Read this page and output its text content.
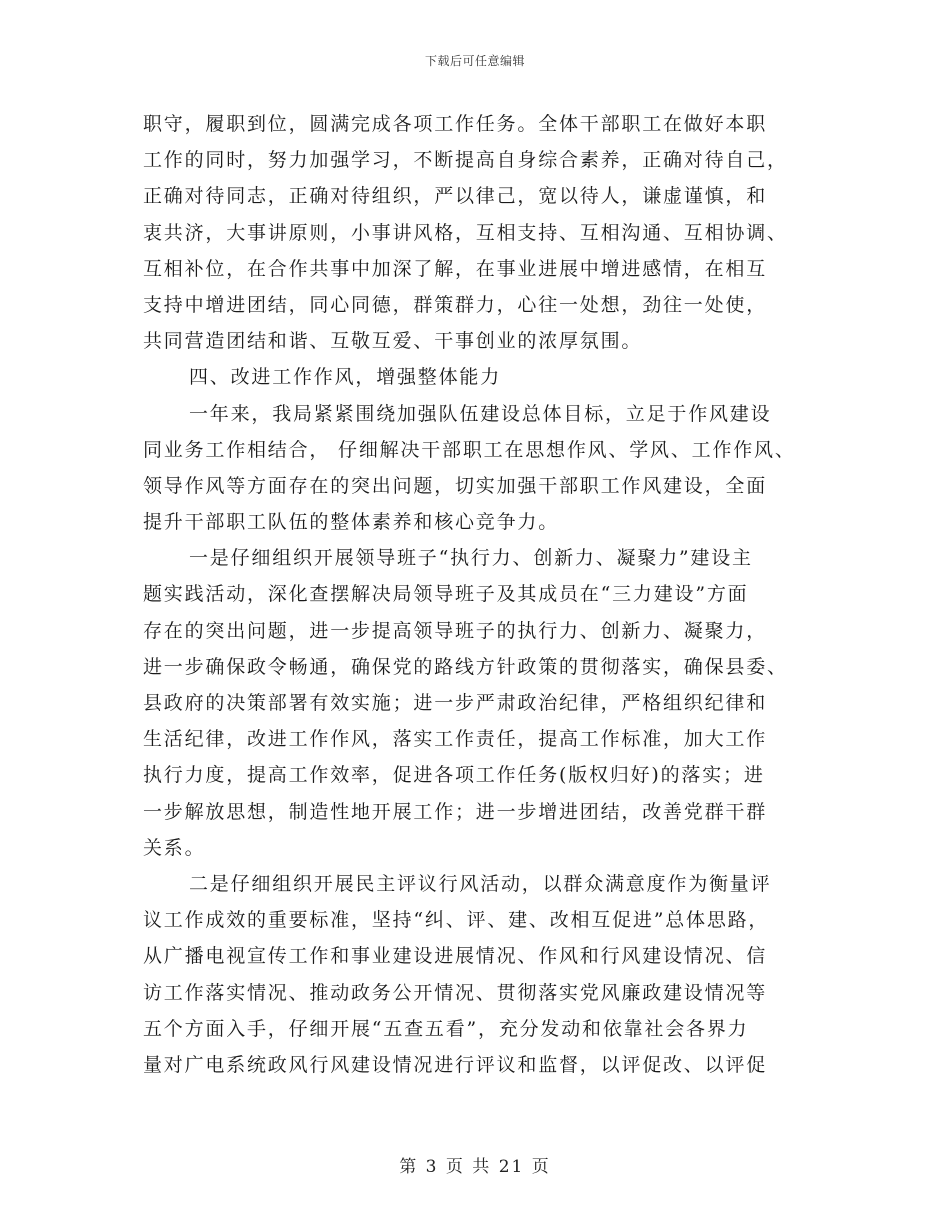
下载后可任意编辑
职守，履职到位，圆满完成各项工作任务。全体干部职工在做好本职
工作的同时，努力加强学习，不断提高自身综合素养，正确对待自己，
正确对待同志，正确对待组织，严以律己，宽以待人，谦虚谨慎，和
衷共济，大事讲原则，小事讲风格，互相支持、互相沟通、互相协调、
互相补位，在合作共事中加深了解，在事业进展中增进感情，在相互
支持中增进团结，同心同德，群策群力，心往一处想，劲往一处使，
共同营造团结和谐、互敬互爱、干事创业的浓厚氛围。
四、改进工作作风，增强整体能力
一年来，我局紧紧围绕加强队伍建设总体目标，立足于作风建设
同业务工作相结合， 仔细解决干部职工在思想作风、学风、工作作风、
领导作风等方面存在的突出问题，切实加强干部职工作风建设，全面
提升干部职工队伍的整体素养和核心竞争力。
一是仔细组织开展领导班子“执行力、创新力、凝聚力”建设主
题实践活动，深化查摆解决局领导班子及其成员在“三力建设”方面
存在的突出问题，进一步提高领导班子的执行力、创新力、凝聚力，
进一步确保政令畅通，确保党的路线方针政策的贯彻落实，确保县委、
县政府的决策部署有效实施；进一步严肃政治纪律，严格组织纪律和
生活纪律，改进工作作风，落实工作责任，提高工作标准，加大工作
执行力度，提高工作效率，促进各项工作任务(版权归好)的落实；进
一步解放思想，制造性地开展工作；进一步增进团结，改善党群干群
关系。
二是仔细组织开展民主评议行风活动，以群众满意度作为衡量评
议工作成效的重要标准，坚持“纠、评、建、改相互促进”总体思路，
从广播电视宣传工作和事业建设进展情况、作风和行风建设情况、信
访工作落实情况、推动政务公开情况、贯彻落实党风廉政建设情况等
五个方面入手，仔细开展“五查五看”，充分发动和依靠社会各界力
量对广电系统政风行风建设情况进行评议和监督，以评促改、以评促
第 3 页 共 21 页
